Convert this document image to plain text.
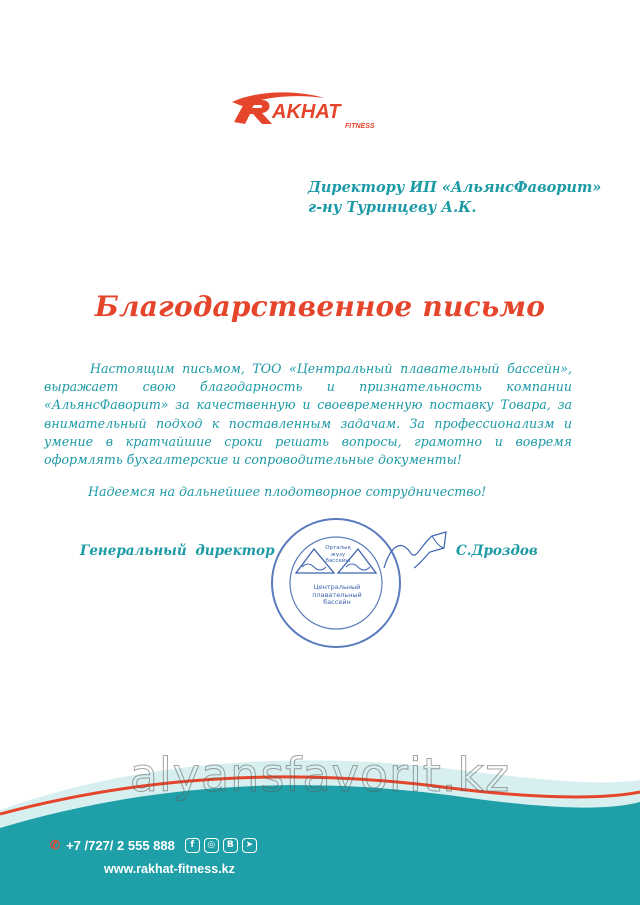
AKHAT
FITNESS
Директору ИП «АльянсФаворит»
г-ну Туринцеву А.К.
Благодарственное письмо

Настоящим письмом, ТОО «Центральный плавательный бассейн», выражает свою благодарность и признательность компании «АльянсФаворит» за качественную и своевременную поставку Товара, за внимательный подход к поставленным задачам. За профессионализм и умение в кратчайшие сроки решать вопросы, грамотно и вовремя оформлять бухгалтерские и сопроводительные документы!

Надеемся на дальнейшее плодотворное сотрудничество!
Орталық жүзу бассейні
Центральный плавательный бассейн
Генеральный директор	С.Дроздов
alyansfavorit.kz
✆ +7 /727/ 2 555 888	f	◎	В	➤
www.rakhat-fitness.kz
